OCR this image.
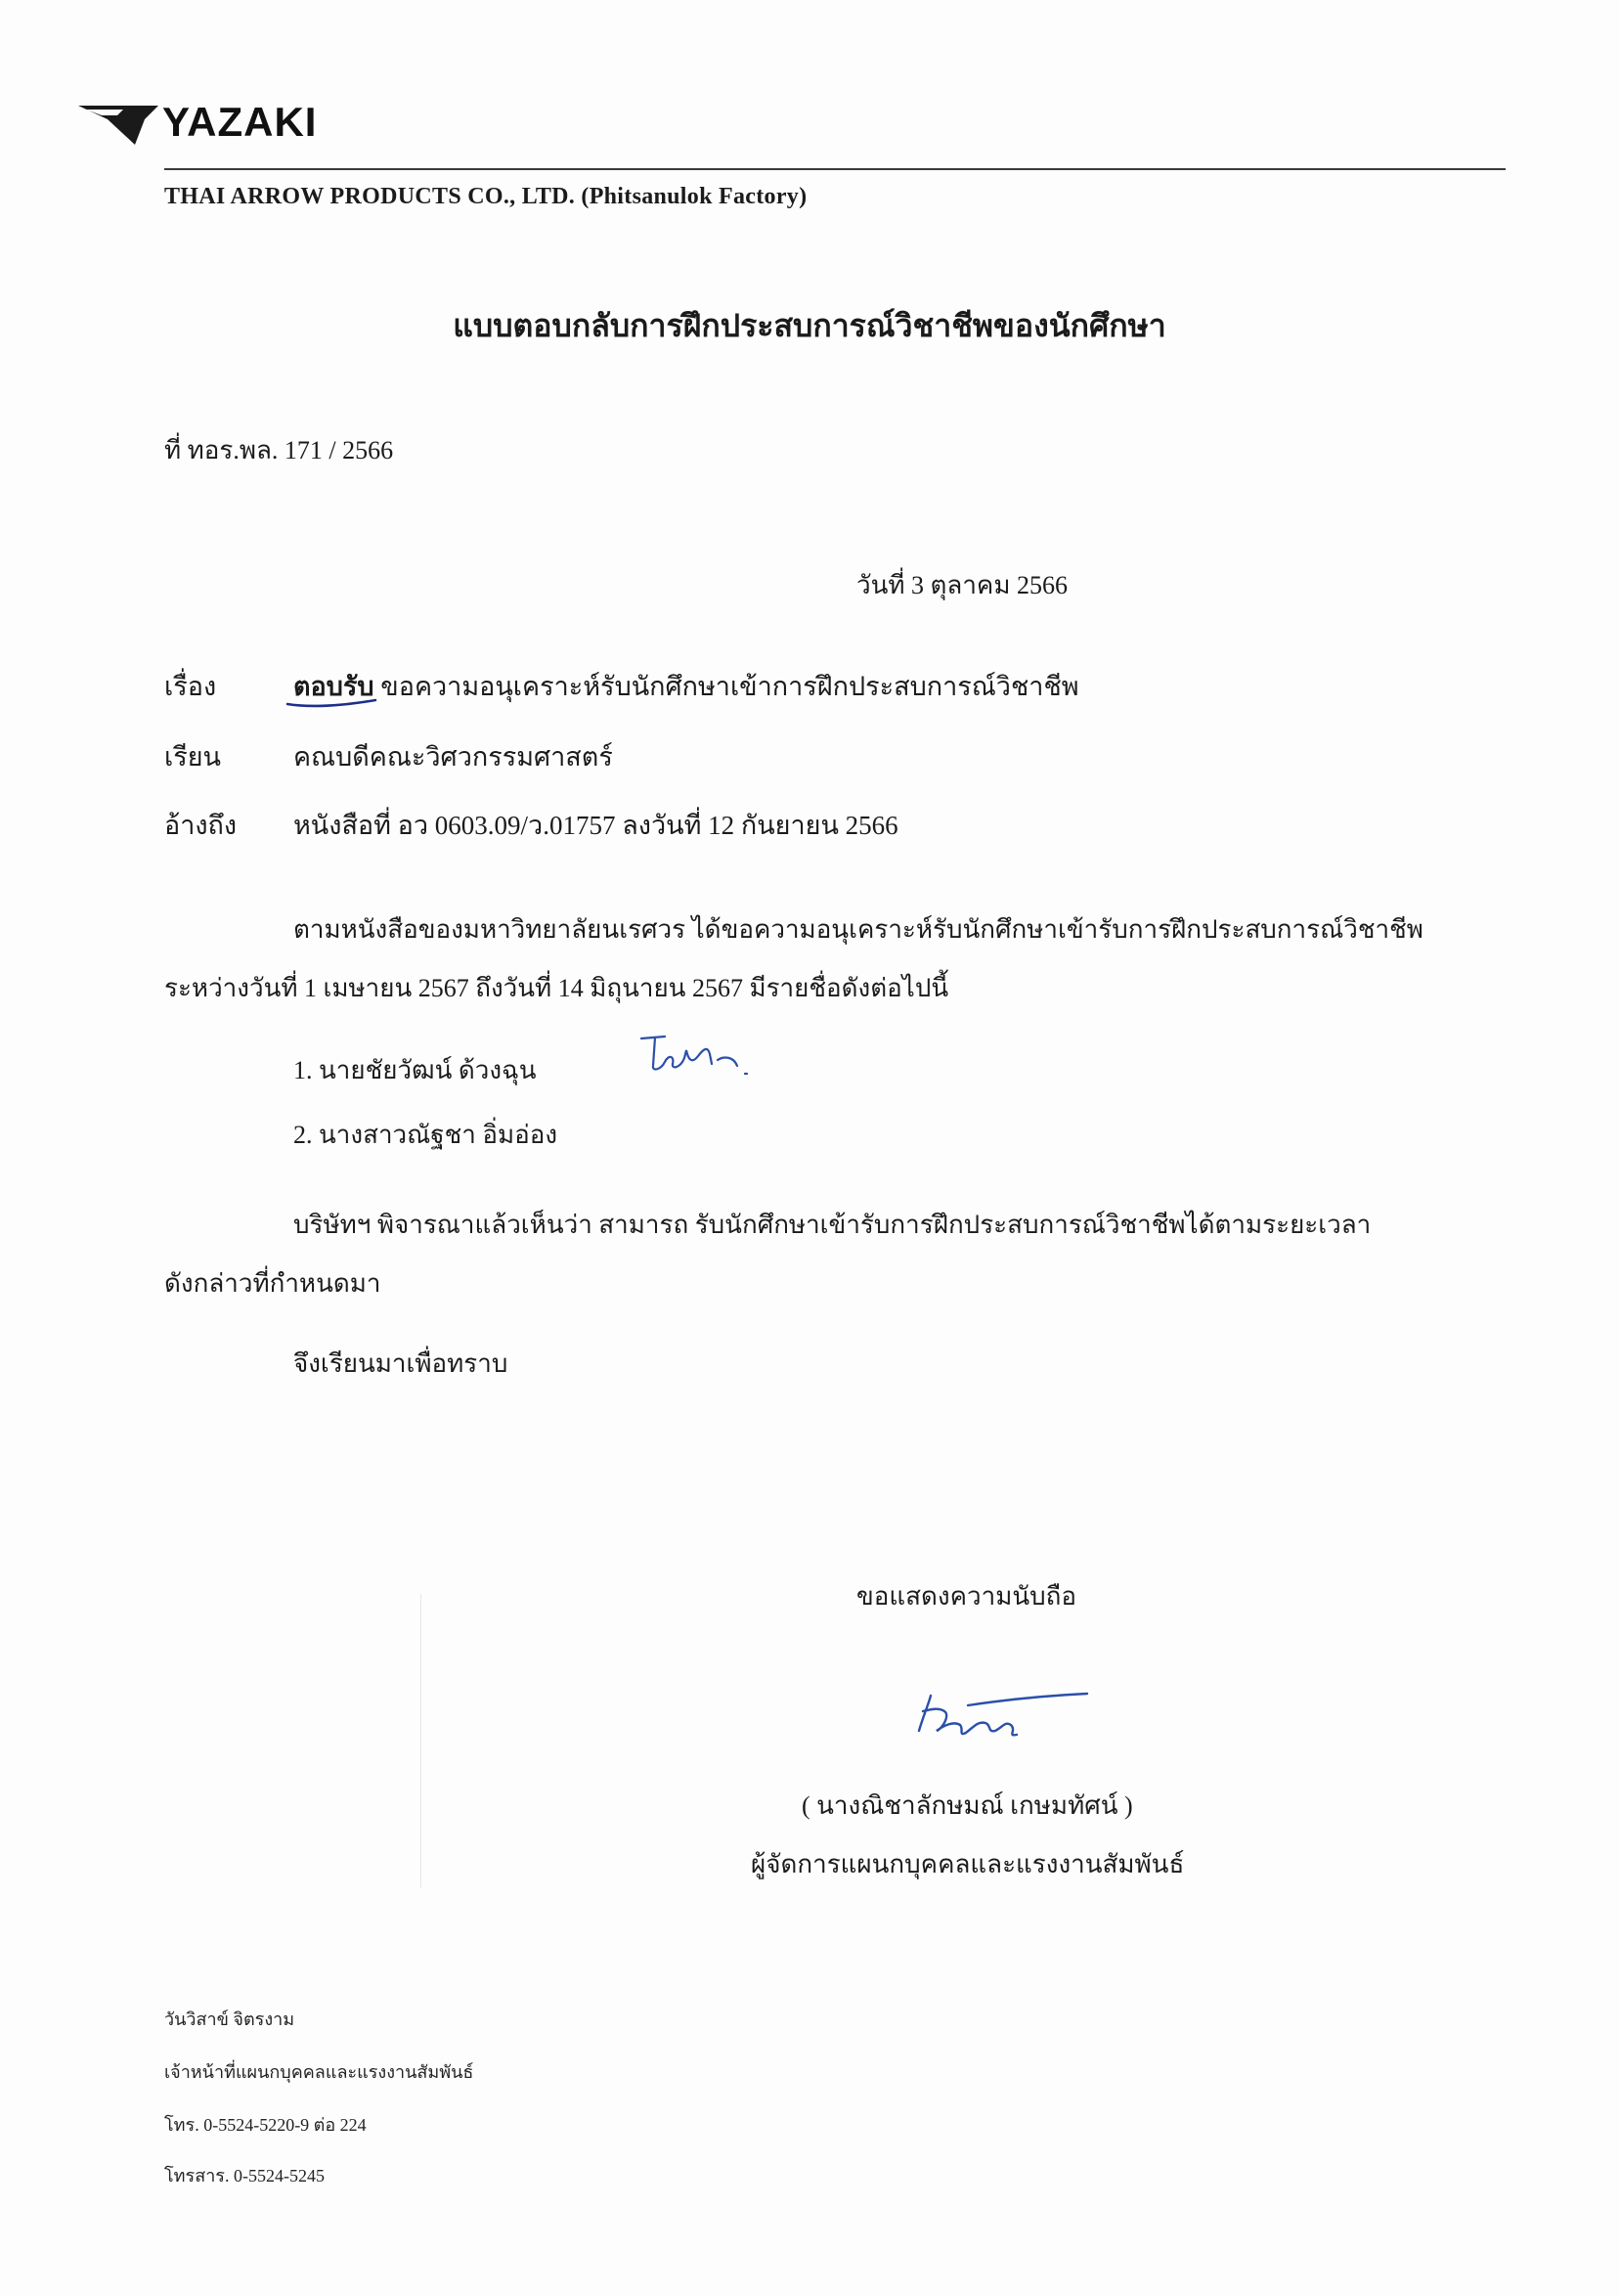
YAZAKI
THAI ARROW PRODUCTS CO., LTD. (Phitsanulok Factory)
แบบตอบกลับการฝึกประสบการณ์วิชาชีพของนักศึกษา
ที่ ทอร.พล. 171 / 2566
วันที่ 3 ตุลาคม 2566
เรื่อง	ตอบรับ ขอความอนุเคราะห์รับนักศึกษาเข้าการฝึกประสบการณ์วิชาชีพ
เรียน	คณบดีคณะวิศวกรรมศาสตร์
อ้างถึง หนังสือที่ อว 0603.09/ว.01757 ลงวันที่ 12 กันยายน 2566
ตามหนังสือของมหาวิทยาลัยนเรศวร ได้ขอความอนุเคราะห์รับนักศึกษาเข้ารับการฝึกประสบการณ์วิชาชีพ
ระหว่างวันที่ 1 เมษายน 2567 ถึงวันที่ 14 มิถุนายน 2567 มีรายชื่อดังต่อไปนี้
1. นายชัยวัฒน์ ด้วงฉุน
2. นางสาวณัฐชา อิ่มอ่อง
บริษัทฯ พิจารณาแล้วเห็นว่า สามารถ รับนักศึกษาเข้ารับการฝึกประสบการณ์วิชาชีพได้ตามระยะเวลา
ดังกล่าวที่กำหนดมา
จึงเรียนมาเพื่อทราบ
ขอแสดงความนับถือ
( นางณิชาลักษมณ์ เกษมทัศน์ )
ผู้จัดการแผนกบุคคลและแรงงานสัมพันธ์
วันวิสาข์ จิตรงาม
เจ้าหน้าที่แผนกบุคคลและแรงงานสัมพันธ์
โทร. 0-5524-5220-9 ต่อ 224
โทรสาร. 0-5524-5245
